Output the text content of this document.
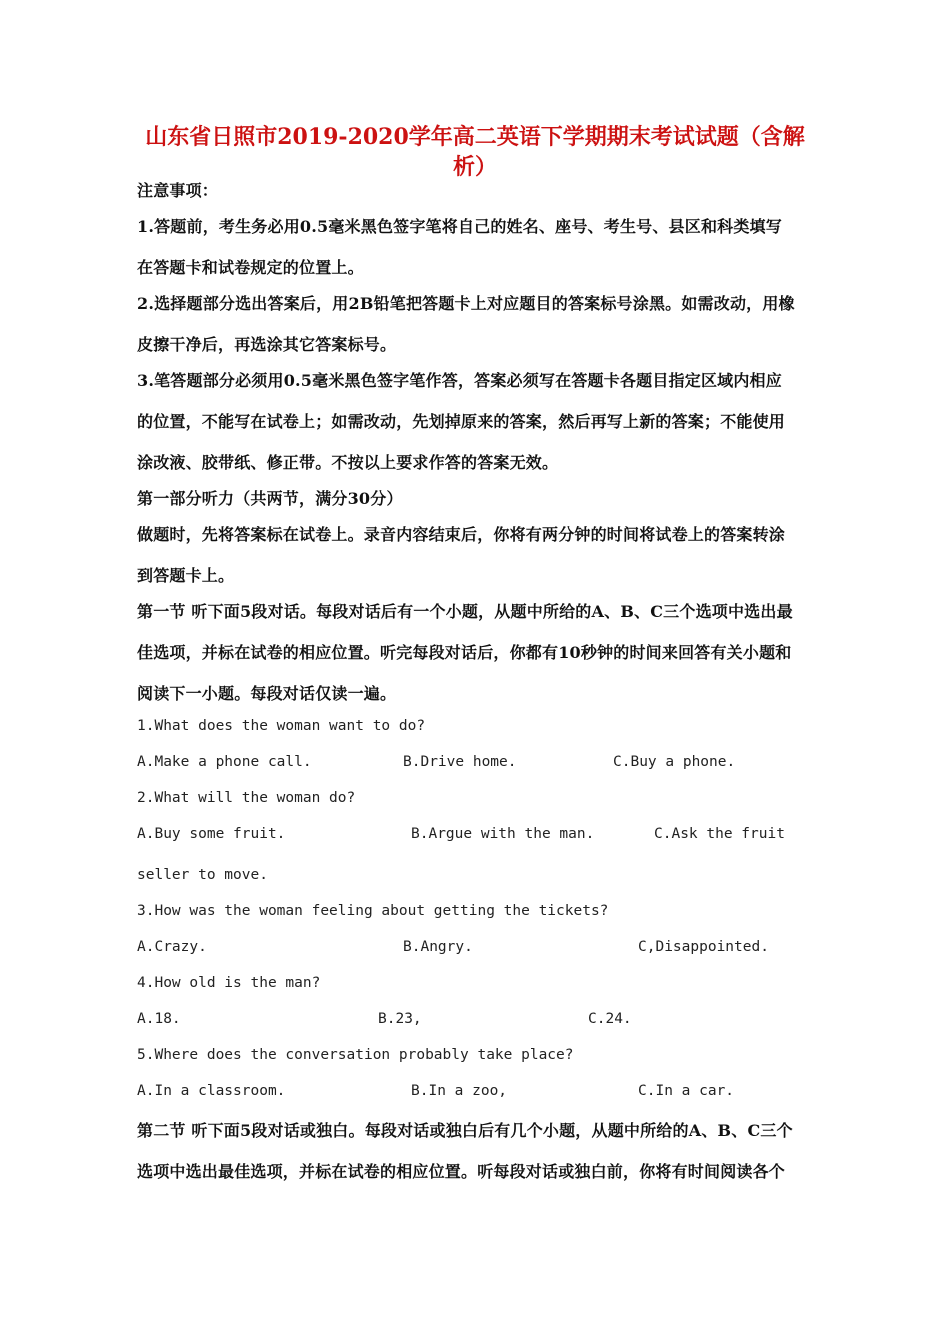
山东省日照市2019-2020学年高二英语下学期期末考试试题（含解析）
注意事项：
1.答题前，考生务必用0.5毫米黑色签字笔将自己的姓名、座号、考生号、县区和科类填写
在答题卡和试卷规定的位置上。
2.选择题部分选出答案后，用2B铅笔把答题卡上对应题目的答案标号涂黑。如需改动，用橡
皮擦干净后，再选涂其它答案标号。
3.笔答题部分必须用0.5毫米黑色签字笔作答，答案必须写在答题卡各题目指定区域内相应
的位置，不能写在试卷上；如需改动，先划掉原来的答案，然后再写上新的答案；不能使用
涂改液、胶带纸、修正带。不按以上要求作答的答案无效。
第一部分听力（共两节，满分30分）
做题时，先将答案标在试卷上。录音内容结束后，你将有两分钟的时间将试卷上的答案转涂
到答题卡上。
第一节 听下面5段对话。每段对话后有一个小题，从题中所给的A、B、C三个选项中选出最
佳选项，并标在试卷的相应位置。听完每段对话后，你都有10秒钟的时间来回答有关小题和
阅读下一小题。每段对话仅读一遍。
1.What does the woman want to do?
A.Make a phone call.	B.Drive home.	C.Buy a phone.
2.What will the woman do?
A.Buy some fruit.	B.Argue with the man.	C.Ask the fruit
seller to move.
3.How was the woman feeling about getting the tickets?
A.Crazy.	B.Angry.	C,Disappointed.
4.How old is the man?
A.18.	B.23,	C.24.
5.Where does the conversation probably take place?
A.In a classroom.	B.In a zoo,	C.In a car.
第二节 听下面5段对话或独白。每段对话或独白后有几个小题，从题中所给的A、B、C三个
选项中选出最佳选项，并标在试卷的相应位置。听每段对话或独白前，你将有时间阅读各个
